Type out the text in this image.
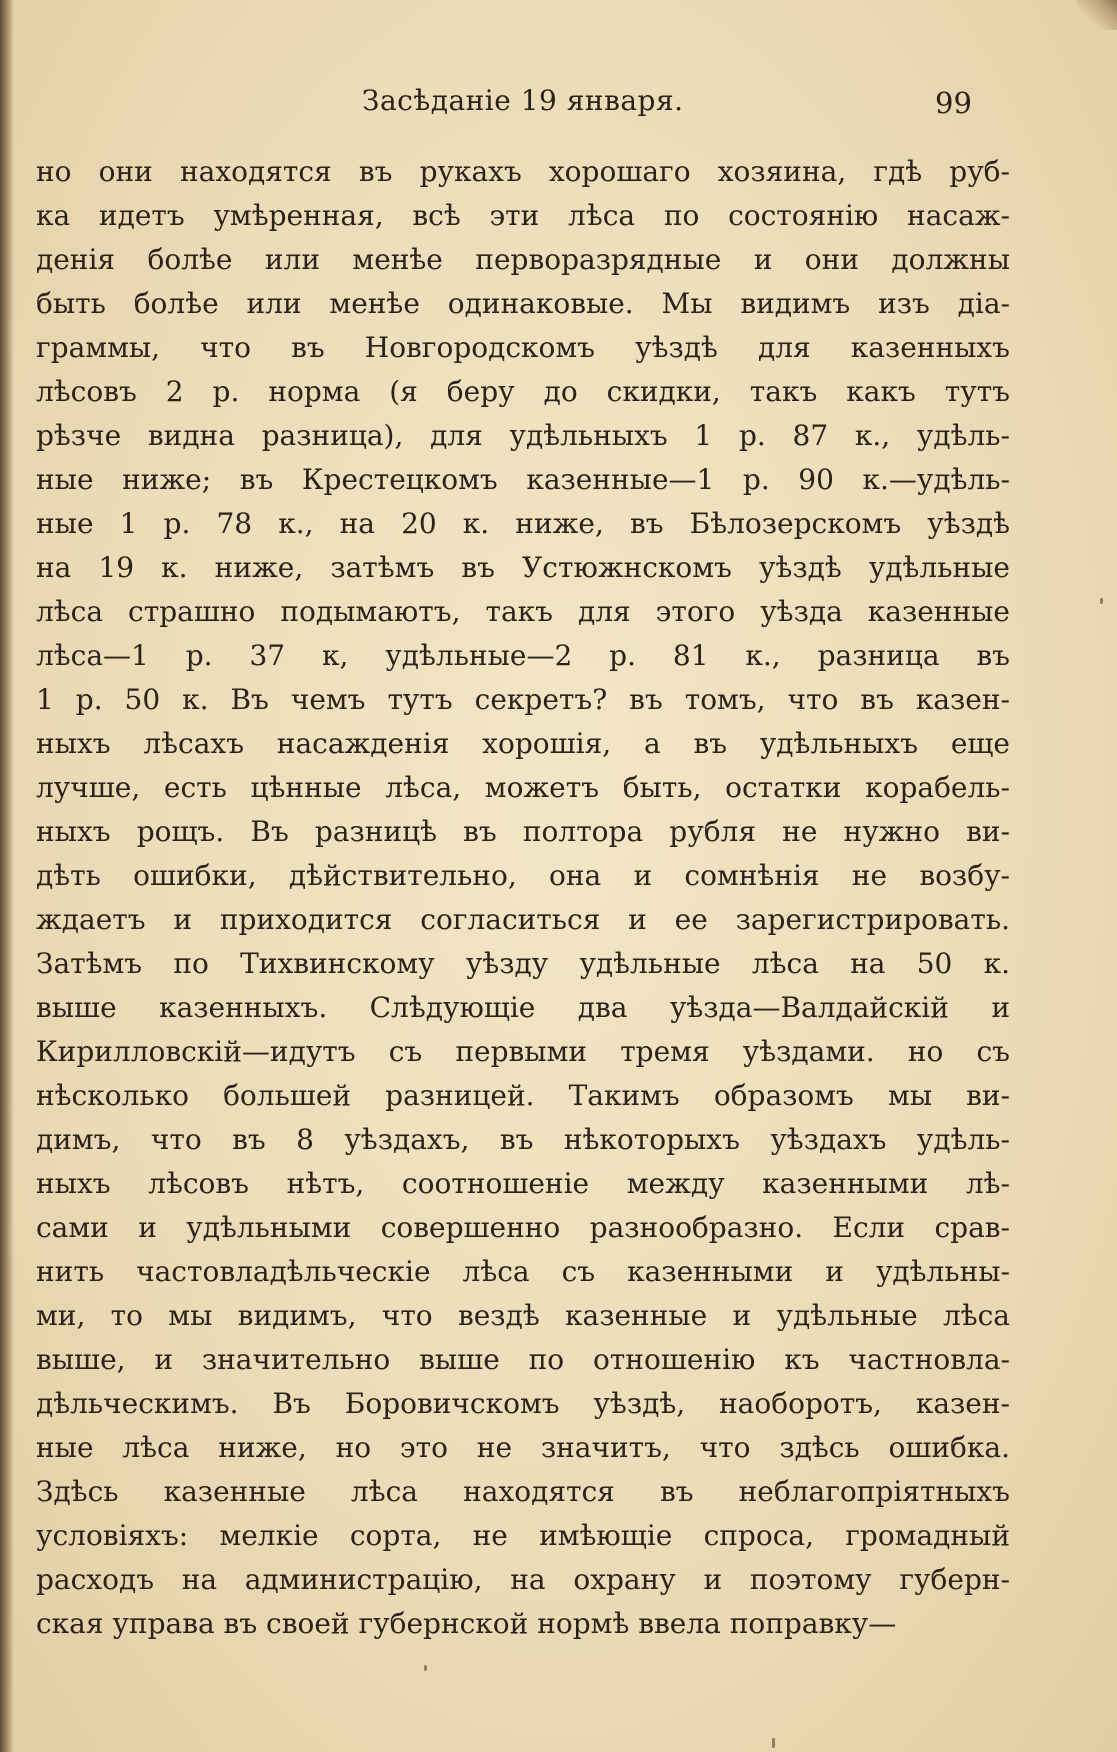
Засѣданіе 19 января.	99
но они находятся въ рукахъ хорошаго хозяина, гдѣ руб-
ка идетъ умѣренная, всѣ эти лѣса по состоянію насаж-
денія болѣе или менѣе перворазрядные и они должны
быть болѣе или менѣе одинаковые. Мы видимъ изъ діа-
граммы, что въ Новгородскомъ уѣздѣ для казенныхъ
лѣсовъ 2 р. норма (я беру до скидки, такъ какъ тутъ
рѣзче видна разница), для удѣльныхъ 1 р. 87 к., удѣль-
ные ниже; въ Крестецкомъ казенные—1 р. 90 к.—удѣль-
ные 1 р. 78 к., на 20 к. ниже, въ Бѣлозерскомъ уѣздѣ
на 19 к. ниже, затѣмъ въ Устюжнскомъ уѣздѣ удѣльные
лѣса страшно подымаютъ, такъ для этого уѣзда казенные
лѣса—1 р. 37 к, удѣльные—2 р. 81 к., разница въ
1 р. 50 к. Въ чемъ тутъ секретъ? въ томъ, что въ казен-
ныхъ лѣсахъ насажденія хорошія, а въ удѣльныхъ еще
лучше, есть цѣнные лѣса, можетъ быть, остатки корабель-
ныхъ рощъ. Въ разницѣ въ полтора рубля не нужно ви-
дѣть ошибки, дѣйствительно, она и сомнѣнія не возбу-
ждаетъ и приходится согласиться и ее зарегистрировать.
Затѣмъ по Тихвинскому уѣзду удѣльные лѣса на 50 к.
выше казенныхъ. Слѣдующіе два уѣзда—Валдайскій и
Кирилловскій—идутъ съ первыми тремя уѣздами. но съ
нѣсколько большей разницей. Такимъ образомъ мы ви-
димъ, что въ 8 уѣздахъ, въ нѣкоторыхъ уѣздахъ удѣль-
ныхъ лѣсовъ нѣтъ, соотношеніе между казенными лѣ-
сами и удѣльными совершенно разнообразно. Если срав-
нить частовладѣльческіе лѣса съ казенными и удѣльны-
ми, то мы видимъ, что вездѣ казенные и удѣльные лѣса
выше, и значительно выше по отношенію къ частновла-
дѣльческимъ. Въ Боровичскомъ уѣздѣ, наоборотъ, казен-
ные лѣса ниже, но это не значитъ, что здѣсь ошибка.
Здѣсь казенные лѣса находятся въ неблагопріятныхъ
условіяхъ: мелкіе сорта, не имѣющіе спроса, громадный
расходъ на администрацію, на охрану и поэтому губерн-
ская управа въ своей губернской нормѣ ввела поправку—
